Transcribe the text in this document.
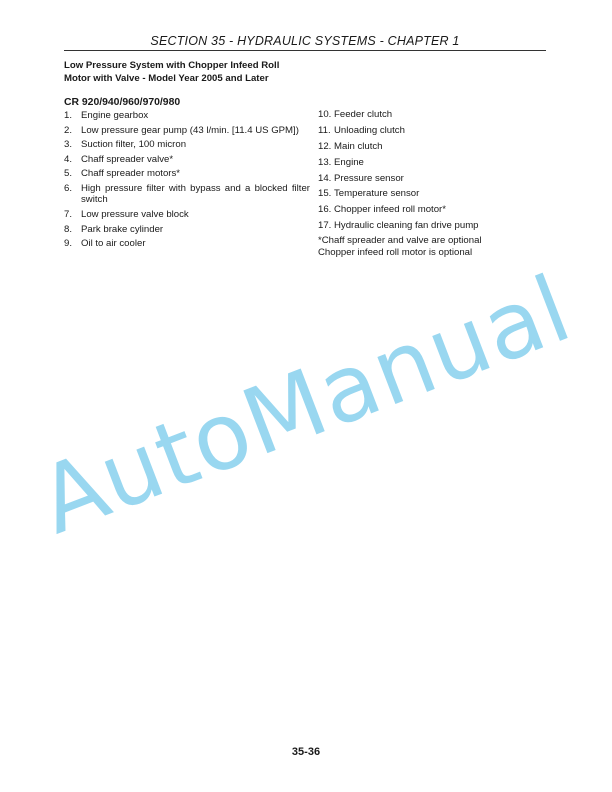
SECTION 35 - HYDRAULIC SYSTEMS - CHAPTER 1
Low Pressure System with Chopper Infeed Roll
Motor with Valve - Model Year 2005 and Later
CR 920/940/960/970/980
1. Engine gearbox
2. Low pressure gear pump (43 l/min. [11.4 US GPM])
3. Suction filter, 100 micron
4. Chaff spreader valve*
5. Chaff spreader motors*
6. High pressure filter with bypass and a blocked filter switch
7. Low pressure valve block
8. Park brake cylinder
9. Oil to air cooler
10. Feeder clutch
11. Unloading clutch
12. Main clutch
13. Engine
14. Pressure sensor
15. Temperature sensor
16. Chopper infeed roll motor*
17. Hydraulic cleaning fan drive pump
*Chaff spreader and valve are optional
Chopper infeed roll motor is optional
AutoManual
35-36
